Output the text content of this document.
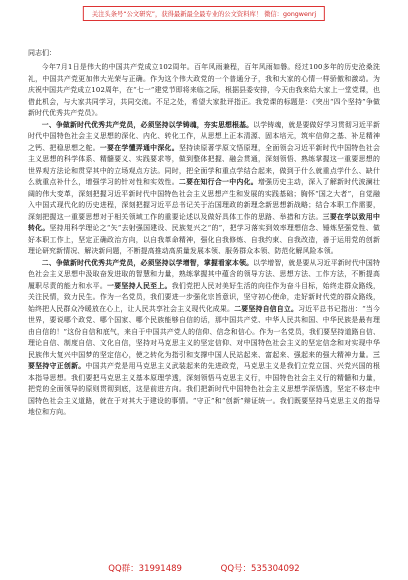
关注头条号“公文研究”，获得最新最全最专业的公文资料库！ 微信：gongwenrj

同志们：

今年7月1日是伟大的中国共产党成立102周年。百年风雨兼程，百年风雨如磐。经过100多年的历史沧桑洗礼，中国共产党更加伟大光荣与正确。作为这个伟大政党的一个普通分子，我和大家的心情一样骄傲和激动。为庆祝中国共产党成立102周年，在“七一”建党节即将来临之际，根据县委安排，今天由我来给大家上一堂党课，也借此机会，与大家共同学习，共同交流。不足之处，希望大家批评指正。我党课的标题是：《突出“四个坚持”争做新时代优秀共产党员》。

一、争做新时代优秀共产党员，必须坚持以学铸魂，夯实思想根基。以学铸魂，就是要做好学习贯彻习近平新时代中国特色社会主义思想的深化、内化、转化工作，从思想上正本清源、固本培元，筑牢信仰之基、补足精神之钙、把稳思想之舵。一要在学懂弄通中深化。坚持读原著学原文悟原理，全面领会习近平新时代中国特色社会主义思想的科学体系、精髓要义、实践要求等，做到整体把握、融会贯通，深刻领悟、熟练掌握这一重要思想的世界观方法论和贯穿其中的立场观点方法。同时，把全面学和重点学结合起来，做到于什么就重点学什么、缺什么就重点补什么，增强学习的针对性和实效性。二要在知行合一中内化。增强历史主动，深入了解新时代波澜壮阔的伟大变革，深刻把握习近平新时代中国特色社会主义思想产生和发展的实践基础；胸怀“国之大者”，自觉融入中国式现代化的历史进程，深刻把握习近平总书记关于治国理政的新理念新思想新战略；结合本职工作需要，深刻把握这一重要思想对于相关领域工作的重要论述以及做好具体工作的思路、举措和方法。三要在学以致用中转化。坚持用科学理论之“矢”去射强国建设、民族复兴之“的”，把学习落实到效率理想信念、锤炼坚强党性、做好本职工作上，坚定正确政治方向，以自我革命精神，强化自我修炼、自我约束、自我改造，善于运用党的创新理论研究新情况、解决新问题，不断提高推动高质量发展本领、服务群众本领、防范化解风险本领。

二、争做新时代优秀共产党员，必须坚持以学增智，掌握看家本领。以学增智，就是要从习近平新时代中国特色社会主义思想中汲取奋发进取的智慧和力量，熟练掌握其中蕴含的领导方法、思想方法、工作方法，不断提高履职尽责的能力和水平。一要坚持人民至上。我们党把人民对美好生活的向往作为奋斗目标，始终走群众路线，关注民情，致力民生。作为一名党员，我们要进一步强化宗旨意识，坚守初心使命，走好新时代党的群众路线，始终把人民群众冷暖放在心上，让人民共享社会主义现代化成果。二要坚持自信自立。习近平总书记指出：“当今世界，要说哪个政党、哪个国家、哪个民族能够自信的话，那中国共产党、中华人民共和国、中华民族是最有理由自信的！”这份自信和底气，来自于中国共产党人的信仰、信念和信心。作为一名党员，我们要坚持道路自信、理论自信、制度自信、文化自信，坚持对马克思主义的坚定信仰、对中国特色社会主义的坚定信念和对实现中华民族伟大复兴中国梦的坚定信心，使之转化为指引和支撑中国人民站起来、富起来、强起来的强大精神力量。三要坚持守正创新。中国共产党是用马克思主义武装起来的先进政党，马克思主义是我们立党立国、兴党兴国的根本指导思想。我们要把马克思主义基本原理学透，深刻领悟马克思主义行，中国特色社会主义行的精髓和力量，把党的全面领导的原则贯彻到底，这是前进方向。我们把新时代中国特色社会主义思想学深悟透，坚定不移走中国特色社会主义道路，就在于对其大于建设的事情。“守正”和“创新”辩证统一。我们既要坚持马克思主义的指导地位和方向。

QQ群：31991489	QQ号：535304092
